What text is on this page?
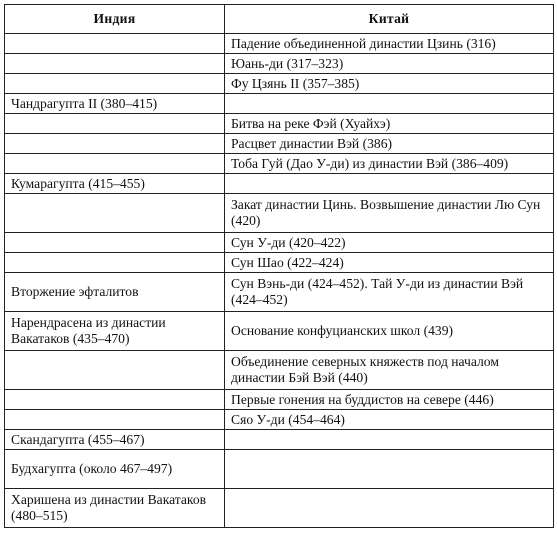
Индия	Китай
	Падение объединенной династии Цзинь (316)
	Юань-ди (317–323)
	Фу Цзянь II (357–385)
Чандрагупта II (380–415)	
	Битва на реке Фэй (Хуайхэ)
	Расцвет династии Вэй (386)
	Тоба Гуй (Дао У-ди) из династии Вэй (386–409)
Кумарагупта (415–455)	
	Закат династии Цинь. Возвышение династии Лю Сун (420)
	Сун У-ди (420–422)
	Сун Шао (422–424)
Вторжение эфталитов	Сун Вэнь-ди (424–452). Тай У-ди из династии Вэй (424–452)
Нарендрасена из династии Вакатаков (435–470)	Основание конфуцианских школ (439)
	Объединение северных княжеств под началом династии Бэй Вэй (440)
	Первые гонения на буддистов на севере (446)
	Сяо У-ди (454–464)
Скандагупта (455–467)	
Будхагупта (около 467–497)	
Харишена из династии Вакатаков (480–515)	
